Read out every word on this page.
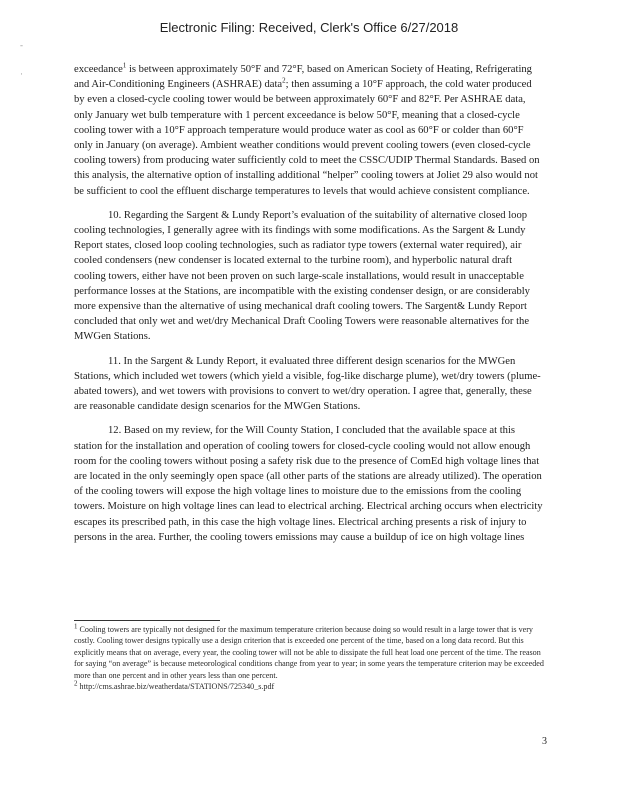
Electronic Filing: Received, Clerk's Office 6/27/2018
-
·	exceedance$^1$ is between approximately 50°F and 72°F, based on American Society of Heating, Refrigerating and Air-Conditioning Engineers (ASHRAE) data$^2$; then assuming a 10°F approach, the cold water produced by even a closed-cycle cooling tower would be between approximately 60°F and 82°F. Per ASHRAE data, only January wet bulb temperature with 1 percent exceedance is below 50°F, meaning that a closed-cycle cooling tower with a 10°F approach temperature would produce water as cool as 60°F or colder than 60°F only in January (on average). Ambient weather conditions would prevent cooling towers (even closed-cycle cooling towers) from producing water sufficiently cold to meet the CSSC/UDIP Thermal Standards. Based on this analysis, the alternative option of installing additional “helper” cooling towers at Joliet 29 also would not be sufficient to cool the effluent discharge temperatures to levels that would achieve consistent compliance.

10. Regarding the Sargent & Lundy Report’s evaluation of the suitability of alternative closed loop cooling technologies, I generally agree with its findings with some modifications. As the Sargent & Lundy Report states, closed loop cooling technologies, such as radiator type towers (external water required), air cooled condensers (new condenser is located external to the turbine room), and hyperbolic natural draft cooling towers, either have not been proven on such large-scale installations, would result in unacceptable performance losses at the Stations, are incompatible with the existing condenser design, or are considerably more expensive than the alternative of using mechanical draft cooling towers. The Sargent& Lundy Report concluded that only wet and wet/dry Mechanical Draft Cooling Towers were reasonable alternatives for the MWGen Stations.

11. In the Sargent & Lundy Report, it evaluated three different design scenarios for the MWGen Stations, which included wet towers (which yield a visible, fog-like discharge plume), wet/dry towers (plume-abated towers), and wet towers with provisions to convert to wet/dry operation. I agree that, generally, these are reasonable candidate design scenarios for the MWGen Stations.

12. Based on my review, for the Will County Station, I concluded that the available space at this station for the installation and operation of cooling towers for closed-cycle cooling would not allow enough room for the cooling towers without posing a safety risk due to the presence of ComEd high voltage lines that are located in the only seemingly open space (all other parts of the stations are already utilized). The operation of the cooling towers will expose the high voltage lines to moisture due to the emissions from the cooling towers. Moisture on high voltage lines can lead to electrical arching. Electrical arching occurs when electricity escapes its prescribed path, in this case the high voltage lines. Electrical arching presents a risk of injury to persons in the area. Further, the cooling towers emissions may cause a buildup of ice on high voltage lines

$^1$ Cooling towers are typically not designed for the maximum temperature criterion because doing so would result in a large tower that is very costly. Cooling tower designs typically use a design criterion that is exceeded one percent of the time, based on a long data record. But this explicitly means that on average, every year, the cooling tower will not be able to dissipate the full heat load one percent of the time. The reason for saying “on average” is because meteorological conditions change from year to year; in some years the temperature criterion may be exceeded more than one percent and in other years less than one percent.

$^2$ http://cms.ashrae.biz/weatherdata/STATIONS/725340_s.pdf

3
